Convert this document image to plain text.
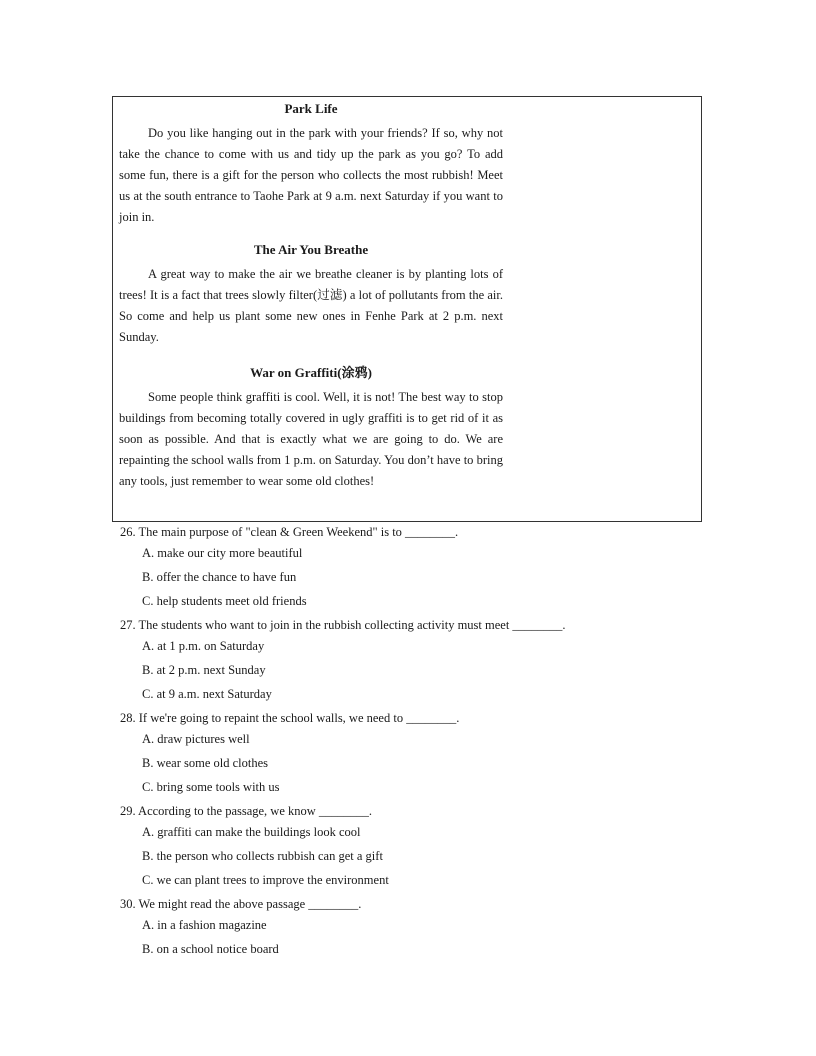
Park Life

Do you like hanging out in the park with your friends? If so, why not take the chance to come with us and tidy up the park as you go? To add some fun, there is a gift for the person who collects the most rubbish! Meet us at the south entrance to Taohe Park at 9 a.m. next Saturday if you want to join in.

The Air You Breathe

A great way to make the air we breathe cleaner is by planting lots of trees! It is a fact that trees slowly filter(过滤) a lot of pollutants from the air. So come and help us plant some new ones in Fenhe Park at 2 p.m. next Sunday.

War on Graffiti(涂鸦)

Some people think graffiti is cool. Well, it is not! The best way to stop buildings from becoming totally covered in ugly graffiti is to get rid of it as soon as possible. And that is exactly what we are going to do. We are repainting the school walls from 1 p.m. on Saturday. You don’t have to bring any tools, just remember to wear some old clothes!

26. The main purpose of "clean & Green Weekend" is to ________.

A. make our city more beautiful
B. offer the chance to have fun
C. help students meet old friends

27. The students who want to join in the rubbish collecting activity must meet ________.

A. at 1 p.m. on Saturday
B. at 2 p.m. next Sunday
C. at 9 a.m. next Saturday

28. If we're going to repaint the school walls, we need to ________.

A. draw pictures well
B. wear some old clothes
C. bring some tools with us

29. According to the passage, we know ________.

A. graffiti can make the buildings look cool
B. the person who collects rubbish can get a gift
C. we can plant trees to improve the environment

30. We might read the above passage ________.

A. in a fashion magazine
B. on a school notice board
